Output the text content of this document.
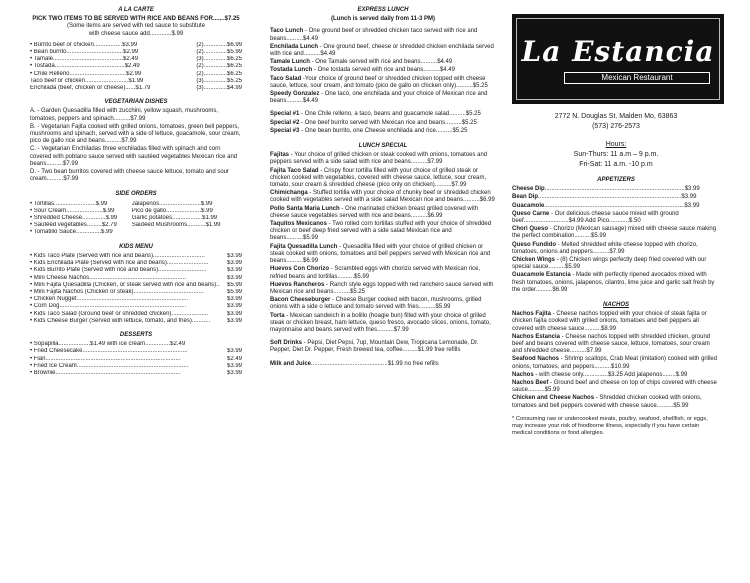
A LA CARTE
PICK TWO ITEMS TO BE SERVED WITH RICE AND BEANS FOR.......$7.25
(Some items are served with red sauce to substitute
with cheese sauce add.............$.99
• Burrito beef or chicken.................$3.99	(2)..............$6.99
• Bean burrito..................................$2.99	(2)..............$5.99
• Tamale..........................................$2.49	(3)..............$6.25
• Tostada..........................................$2.49	(2)..............$6.25
• Chile Relleno..................................$2.99	(2)..............$6.25
Taco beef or chicken..........................$1.99	(3)..............$5.25
Enchilada (beef, chicken or cheese)......$1.79	(3)..............$4.99
VEGETARIAN DISHES
A. - Garden Quesadilla filled with zucchini, yellow squash, mushrooms, tomatoes, peppers and spinach..........$7.99
B. - Vegetarian Fajita cooked with grilled onions, tomatoes, green bell peppers, mushrooms and spinach, served with a side of lettuce, guacamole, sour cream, pico de gallo rice and beans..........$7.99
C. - Vegetarian Enchiladas three enchiladas filled with spinach and corn covered with poblano sauce served with sautéed vegetables Mexican rice and beans..........$7.99
D. - Two bean burritos covered with cheese sauce lettuce, tomato and sour cream..........$7.99
SIDE ORDERS
• Tortillas.........................$.99	Jalapenos.........................$.99
• Sour Cream......................$.99	Pico de gallo.....................$.99
• Shredded Cheese..............$.99	Garlic potatoes..................$1.99
• Sautéed vegetables.........$2.79	Sautéed Mushrooms...........$1.99
• Tomatillo Sauce...............$.99
KIDS MENU
• Kids Taco Plate (Served with rice and beans)...............................	$3.99
• Kids Enchilada Plate (Served with rice and beans).........................	$3.99
• Kids Burrito Plate (Served with rice and beans).............................	$3.99
• Mini Cheese Nachos..........................................................	$3.99
• Mini Fajita Quesadilla (Chicken, or steak served with rice and beans).. $5.99
• Mini Fajita Nachos (Chicken or steak)..........................................	$5.99
• Chicken Nugget...................................................................	$3.99
• Corn Dog............................................................................	$3.99
• Kids Taco Salad (Ground beef or shredded chicken)......................	$3.99
• Kids Cheese Burger (Served with lettuce, tomato, and fries)...........	$3.99
DESSERTS
• Sopapilla...................$1.49 with ice cream...............$2.49
• Fried Cheesecake...............................................................	$3.99
• Flan.................................................................................	$2.49
• Fried Ice Cream...................................................................	$3.99
• Brownie...........................................................................	$3.99
EXPRESS LUNCH
(Lunch is served daily from 11-3 PM)
Taco Lunch - One ground beef or shredded chicken taco served with rice and beans..........$4.49
Enchilada Lunch - One ground beef, cheese or shredded chicken enchilada served with rice and..........$4.49
Tamale Lunch - One Tamale served with rice and beans..........$4.49
Tostada Lunch - One tostada served with rice and beans..........$4.49
Taco Salad -Your choice of ground beef or shredded chicken topped with cheese sauce, lettuce, sour cream, and tomato (pico de gallo on chicken only)..........$5.25
Speedy Gonzalez - One taco, one enchilada and your choice of Mexican rice and beans..........$4.49
Special #1 - One Chile relleno, a taco, beans and guacamole salad..........$5.25
Special #2 - One beef burrito served with Mexican rice and beans..........$5.25
Special #3 - One bean burrito, one Cheese enchilada and rice..........$5.25
LUNCH SPECIAL
Fajitas - Your choice of grilled chicken or steak cooked with onions, tomatoes and peppers served with a side salad with rice and beans..........$7.99
Fajita Taco Salad - Crispy flour tortilla filled with your choice of grilled steak or chicken cooked with vegetables, covered with cheese sauce, lettuce, sour cream, tomato, sour cream & shredded cheese (pico only on chicken)..........$7.99
Chimichanga - Stuffed tortilla with your choice of chunky beef or shredded chicken cooked with vegetables served with a side salad Mexican rice and beans..........$6.99
Pollo Santa Maria Lunch - One marinated chicken breast grilled covered with cheese sauce vegetables served with rice and beans..........$6.99
Taquitos Mexicanos - Two rolled corn tortillas stuffed with your choice of shredded chicken or beef deep fried served with a side salad Mexican rice and beans..........$5.99
Fajita Quesadilla Lunch - Quesadilla filled with your choice of grilled chicken or steak cooked with onions, tomatoes and bell peppers served with Mexican rice and beans..........$6.99
Huevos Con Chorizo - Scrambled eggs with chorizo served with Mexican rice, refried beans and tortillas..........$5.99
Huevos Rancheros - Ranch style eggs topped with red ranchero sauce served with Mexican rice and beans..........$5.25
Bacon Cheeseburger - Cheese Burger cooked with bacon, mushrooms, grilled onions with a side o lettuce and tomato served with fries..........$5.99
Torta - Mexican sandwich in a bolillo (hoagie bun) filled with your choice of grilled steak or chicken breast, ham lettuce, queso fresco, avocado slices, onions, tomato, mayonnaise and beans served with fries..........$7.99
Soft Drinks - Pepsi, Diet Pepsi, 7up, Mountain Dew, Tropicana Lemonade, Dr. Pepper, Diet Dr. Pepper, Fresh brewed tea, coffee.........$1.99 free refills
Milk and Juice..............................................$1.99 no free refills
La Estancia
Mexican Restaurant
2772 N. Douglas St. Malden Mo, 63863
(573) 276-2573
Hours:
Sun-Thurs: 11 a.m – 9 p.m.
Fri-Sat: 11 a.m. -10 p.m
APPETIZERS
Cheese Dip....................................................................................$3.99
Bean Dip......................................................................................$3.99
Guacamole....................................................................................$3.99
Queso Carne - Our delicious cheese sauce mixed with ground beef...........................$4.99 Add Pico............$.50
Chori Queso - Chorizo (Mexican sausage) mixed with cheese sauce making the perfect combination..........$5.99
Queso Fundido - Melted shredded white cheese topped with chorizo, tomatoes, onions and peppers..........$7.99
Chicken Wings - (8) Chicken wings perfectly deep fried covered with our special sauce..........$5.99
Guacamole Estancia - Made with perfectly ripened avocados mixed with fresh tomatoes, onions, jalapenos, cilantro, lime juice and garlic salt fresh by the order..........$6.99
NACHOS
Nachos Fajita - Cheese nachos topped with your choice of steak fajita or chicken fajita cooked with grilled onions, tomatoes and bell peppers all covered with cheese sauce..........$8.99
Nachos Estancia - Cheese nachos topped with shredded chicken, ground beef and beans covered with cheese sauce, lettuce, tomatoes, sour cream and shredded cheese..........$7.99
Seafood Nachos - Shrimp scallops, Crab Meat (imitation) cooked with grilled onions, tomatoes, and peppers..........$10.99
Nachos - with cheese only...............$3.25 Add jalapenos........$.99
Nachos Beef - Ground beef and cheese on top of chips covered with cheese sauce..........$5.99
Chicken and Cheese Nachos - Shredded chicken cooked with onions, tomatoes and bell peppers covered with cheese sauce..........$5.99
* Consuming raw or undercooked meats, poultry, seafood, shellfish, or eggs, may increase your risk of foodborne illness, especially if you have certain medical conditions or food allergies.
